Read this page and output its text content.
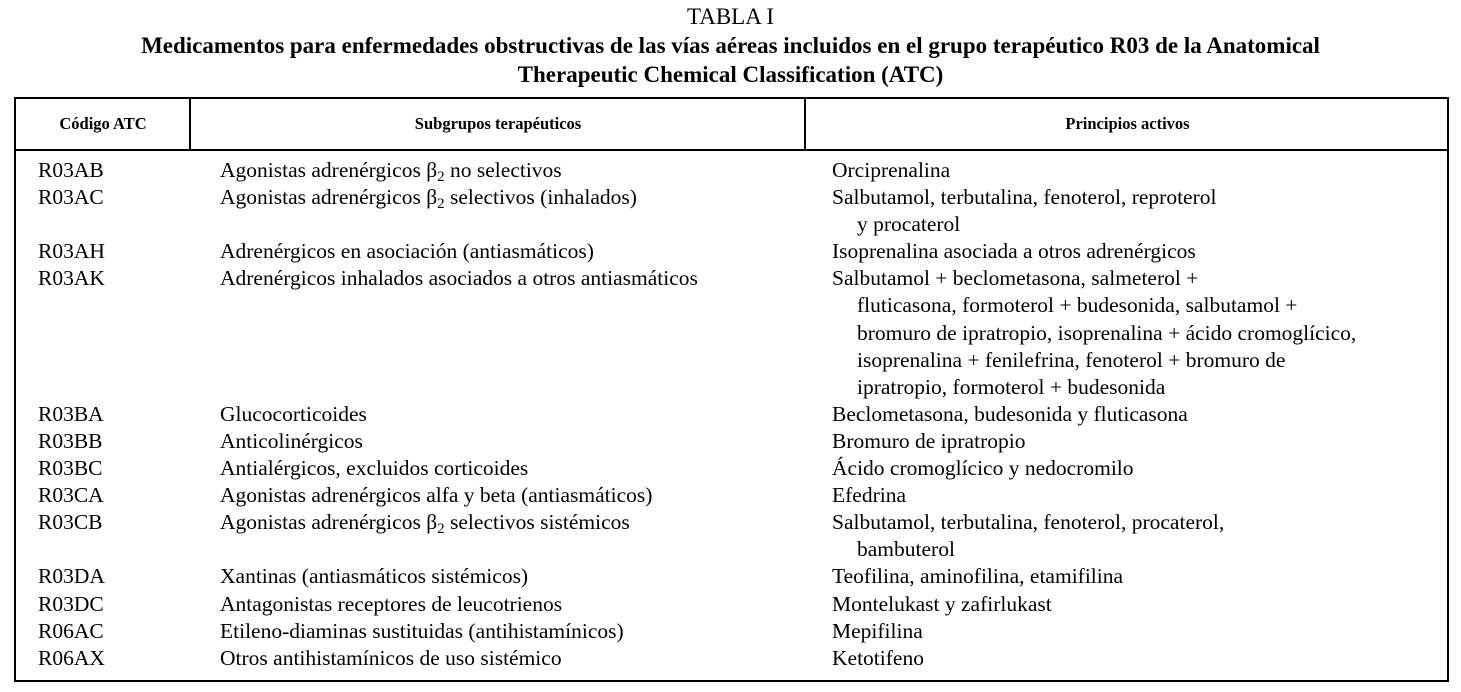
TABLA I
Medicamentos para enfermedades obstructivas de las vías aéreas incluidos en el grupo terapéutico R03 de la Anatomical
Therapeutic Chemical Classification (ATC)
Código ATC	Subgrupos terapéuticos	Principios activos
R03AB	Agonistas adrenérgicos $\beta_2$ no selectivos	Orciprenalina
R03AC	Agonistas adrenérgicos $\beta_2$ selectivos (inhalados)	Salbutamol, terbutalina, fenoterol, reproterol
y procaterol
R03AH	Adrenérgicos en asociación (antiasmáticos)	Isoprenalina asociada a otros adrenérgicos
R03AK	Adrenérgicos inhalados asociados a otros antiasmáticos	Salbutamol + beclometasona, salmeterol +
fluticasona, formoterol + budesonida, salbutamol +
bromuro de ipratropio, isoprenalina + ácido cromoglícico,
isoprenalina + fenilefrina, fenoterol + bromuro de
ipratropio, formoterol + budesonida
R03BA	Glucocorticoides	Beclometasona, budesonida y fluticasona
R03BB	Anticolinérgicos	Bromuro de ipratropio
R03BC	Antialérgicos, excluidos corticoides	Ácido cromoglícico y nedocromilo
R03CA	Agonistas adrenérgicos alfa y beta (antiasmáticos)	Efedrina
R03CB	Agonistas adrenérgicos $\beta_2$ selectivos sistémicos	Salbutamol, terbutalina, fenoterol, procaterol,
bambuterol
R03DA	Xantinas (antiasmáticos sistémicos)	Teofilina, aminofilina, etamifilina
R03DC	Antagonistas receptores de leucotrienos	Montelukast y zafirlukast
R06AC	Etileno-diaminas sustituidas (antihistamínicos)	Mepifilina
R06AX	Otros antihistamínicos de uso sistémico	Ketotifeno
